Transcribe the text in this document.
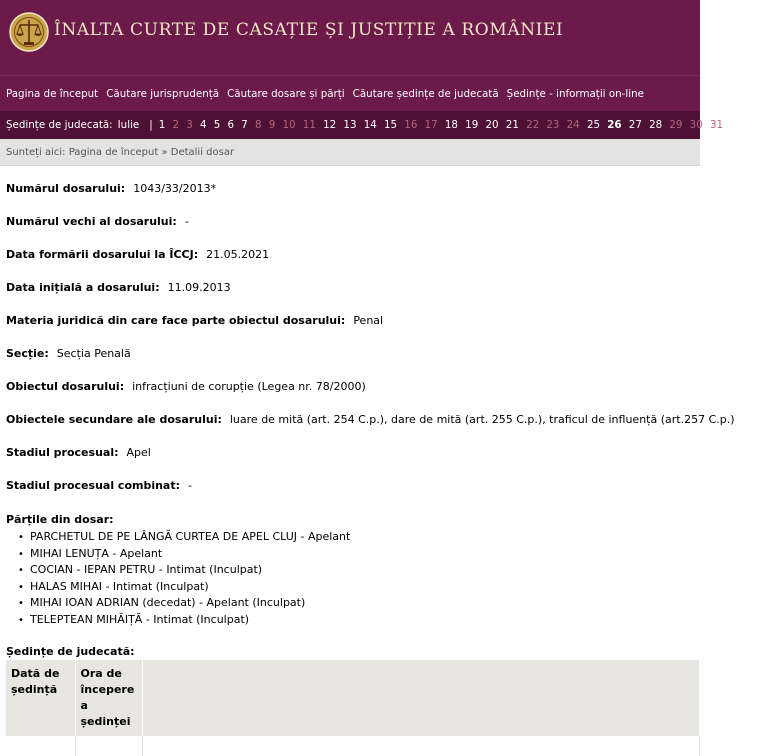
ÎNALTA CURTE DE CASAȚIE ȘI JUSTIȚIE A ROMÂNIEI
Pagina de început Căutare jurisprudență Căutare dosare și părți Căutare ședințe de judecată Ședințe - informații on-line
Ședințe de judecată: Iulie | 1 2 3 4 5 6 7 8 9 10 11 12 13 14 15 16 17 18 19 20 21 22 23 24 25 26 27 28 29 30 31	| 2022
Sunteți aici:
Pagina de început
»
Detalii dosar
Numărul dosarului: 1043/33/2013*
Numărul vechi al dosarului: -
Data formării dosarului la ÎCCJ: 21.05.2021
Data inițială a dosarului: 11.09.2013
Materia juridică din care face parte obiectul dosarului: Penal
Secție: Secția Penală
Obiectul dosarului: infracțiuni de corupție (Legea nr. 78/2000)
Obiectele secundare ale dosarului: luare de mită (art. 254 C.p.), dare de mită (art. 255 C.p.), traficul de influență (art.257 C.p.)
Stadiul procesual: Apel
Stadiul procesual combinat: -
Părțile din dosar:
• PARCHETUL DE PE LÂNGĂ CURTEA DE APEL CLUJ - Apelant
• MIHAI LENUȚA - Apelant
• COCIAN - IEPAN PETRU - Intimat (Inculpat)
• HALAS MIHAI - Intimat (Inculpat)
• MIHAI IOAN ADRIAN (decedat) - Apelant (Inculpat)
• TELEPTEAN MIHĂIȚĂ - Intimat (Inculpat)
Ședințe de judecată:
Dată de ședință	Ora de începere a ședinței	
